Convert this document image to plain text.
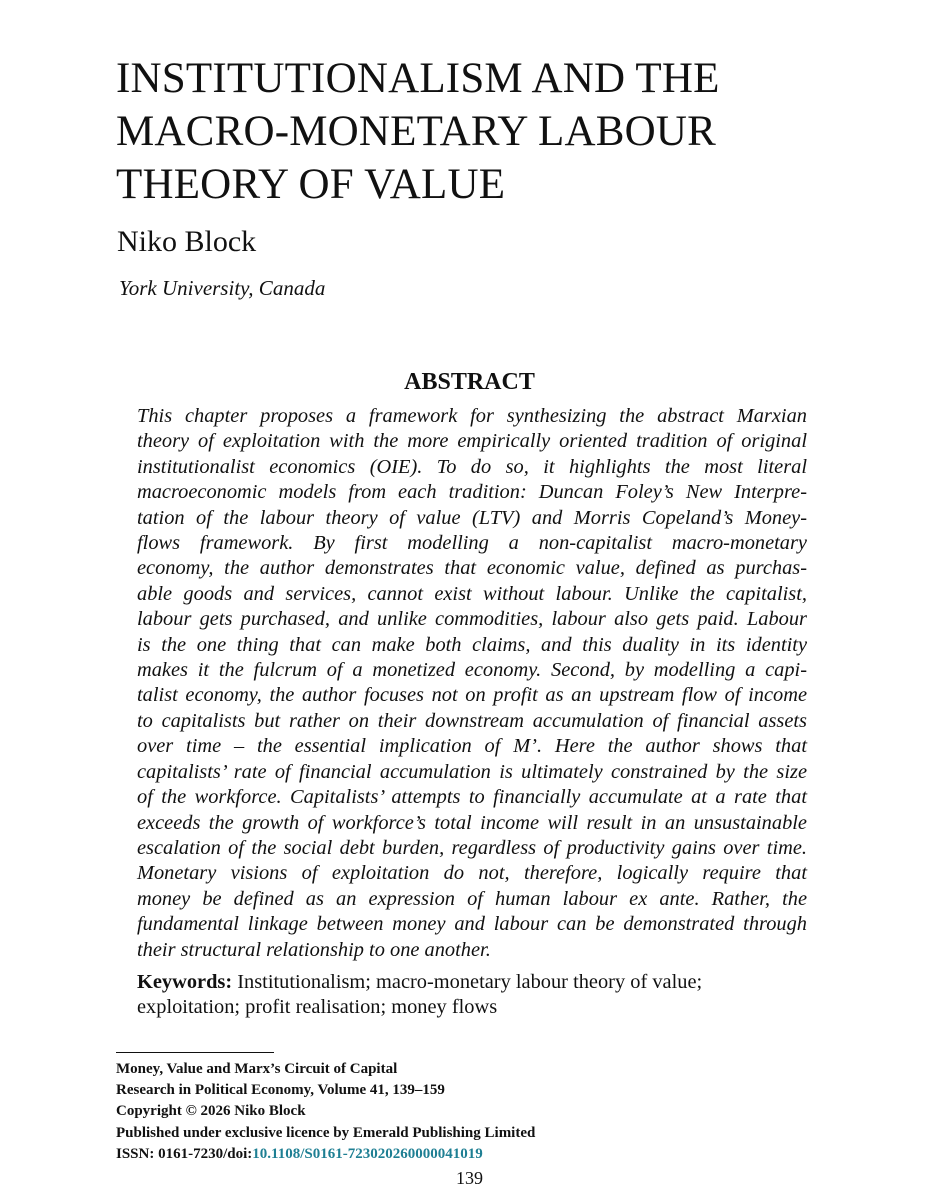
INSTITUTIONALISM AND THE
MACRO-MONETARY LABOUR
THEORY OF VALUE

Niko Block

York University, Canada

ABSTRACT

This chapter proposes a framework for synthesizing the abstract Marxian
theory of exploitation with the more empirically oriented tradition of original
institutionalist economics (OIE). To do so, it highlights the most literal
macroeconomic models from each tradition: Duncan Foley’s New Interpre-
tation of the labour theory of value (LTV) and Morris Copeland’s Money-
flows framework. By first modelling a non-capitalist macro-monetary
economy, the author demonstrates that economic value, defined as purchas-
able goods and services, cannot exist without labour. Unlike the capitalist,
labour gets purchased, and unlike commodities, labour also gets paid. Labour
is the one thing that can make both claims, and this duality in its identity
makes it the fulcrum of a monetized economy. Second, by modelling a capi-
talist economy, the author focuses not on profit as an upstream flow of income
to capitalists but rather on their downstream accumulation of financial assets
over time – the essential implication of M’. Here the author shows that
capitalists’ rate of financial accumulation is ultimately constrained by the size
of the workforce. Capitalists’ attempts to financially accumulate at a rate that
exceeds the growth of workforce’s total income will result in an unsustainable
escalation of the social debt burden, regardless of productivity gains over time.
Monetary visions of exploitation do not, therefore, logically require that
money be defined as an expression of human labour ex ante. Rather, the
fundamental linkage between money and labour can be demonstrated through
their structural relationship to one another.

Keywords: Institutionalism; macro-monetary labour theory of value;
exploitation; profit realisation; money flows

Money, Value and Marx’s Circuit of Capital
Research in Political Economy, Volume 41, 139–159
Copyright © 2026 Niko Block
Published under exclusive licence by Emerald Publishing Limited
ISSN: 0161-7230/doi:10.1108/S0161-723020260000041019

139
